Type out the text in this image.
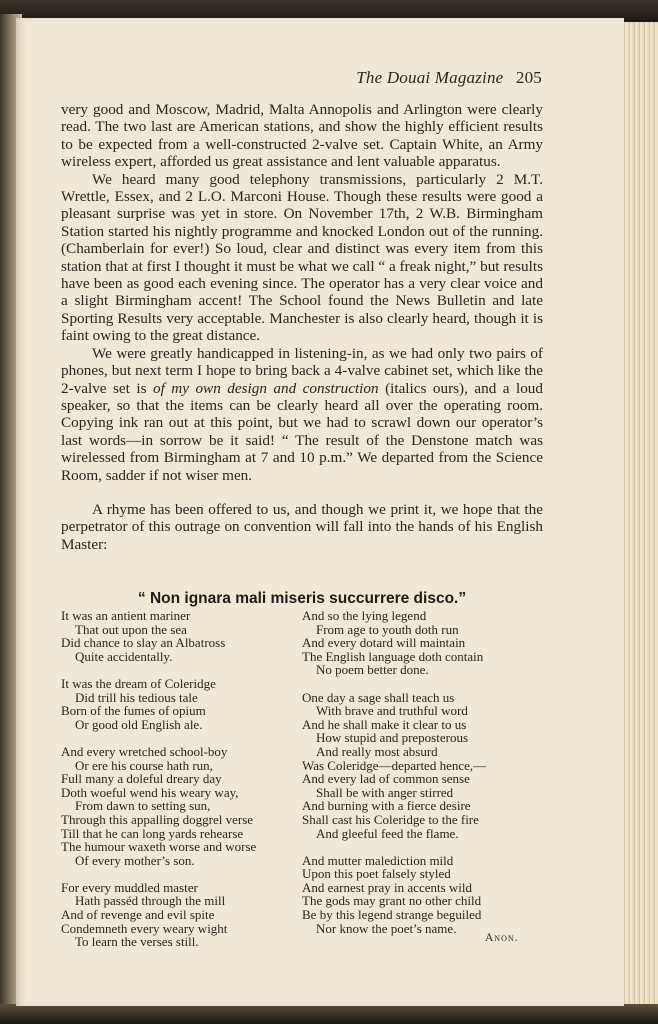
The Douai Magazine 205

very good and Moscow, Madrid, Malta Annopolis and Arlington were clearly read. The two last are American stations, and show the highly efficient results to be expected from a well-constructed 2-valve set. Captain White, an Army wireless expert, afforded us great assistance and lent valuable apparatus.

We heard many good telephony transmissions, particularly 2 M.T. Wrettle, Essex, and 2 L.O. Marconi House. Though these results were good a pleasant surprise was yet in store. On November 17th, 2 W.B. Birmingham Station started his nightly programme and knocked London out of the running. (Chamberlain for ever!) So loud, clear and distinct was every item from this station that at first I thought it must be what we call “ a freak night,” but results have been as good each evening since. The operator has a very clear voice and a slight Birmingham accent! The School found the News Bulletin and late Sporting Results very acceptable. Manchester is also clearly heard, though it is faint owing to the great distance.

We were greatly handicapped in listening-in, as we had only two pairs of phones, but next term I hope to bring back a 4-valve cabinet set, which like the 2-valve set is of my own design and construction (italics ours), and a loud speaker, so that the items can be clearly heard all over the operating room. Copying ink ran out at this point, but we had to scrawl down our operator’s last words—in sorrow be it said! “ The result of the Denstone match was wirelessed from Birmingham at 7 and 10 p.m.” We departed from the Science Room, sadder if not wiser men.

A rhyme has been offered to us, and though we print it, we hope that the perpetrator of this outrage on convention will fall into the hands of his English Master:

“ Non ignara mali miseris succurrere disco.”
It was an antient mariner
That out upon the sea
Did chance to slay an Albatross
Quite accidentally.
It was the dream of Coleridge
Did trill his tedious tale
Born of the fumes of opium
Or good old English ale.
And every wretched school-boy
Or ere his course hath run,
Full many a doleful dreary day
Doth woeful wend his weary way,
From dawn to setting sun,
Through this appalling doggrel verse
Till that he can long yards rehearse
The humour waxeth worse and worse
Of every mother’s son.
For every muddled master
Hath passéd through the mill
And of revenge and evil spite
Condemneth every weary wight
To learn the verses still.
And so the lying legend
From age to youth doth run
And every dotard will maintain
The English language doth contain
No poem better done.
One day a sage shall teach us
With brave and truthful word
And he shall make it clear to us
How stupid and preposterous
And really most absurd
Was Coleridge—departed hence,—
And every lad of common sense
Shall be with anger stirred
And burning with a fierce desire
Shall cast his Coleridge to the fire
And gleeful feed the flame.
And mutter malediction mild
Upon this poet falsely styled
And earnest pray in accents wild
The gods may grant no other child
Be by this legend strange beguiled
Nor know the poet’s name.
Anon.
